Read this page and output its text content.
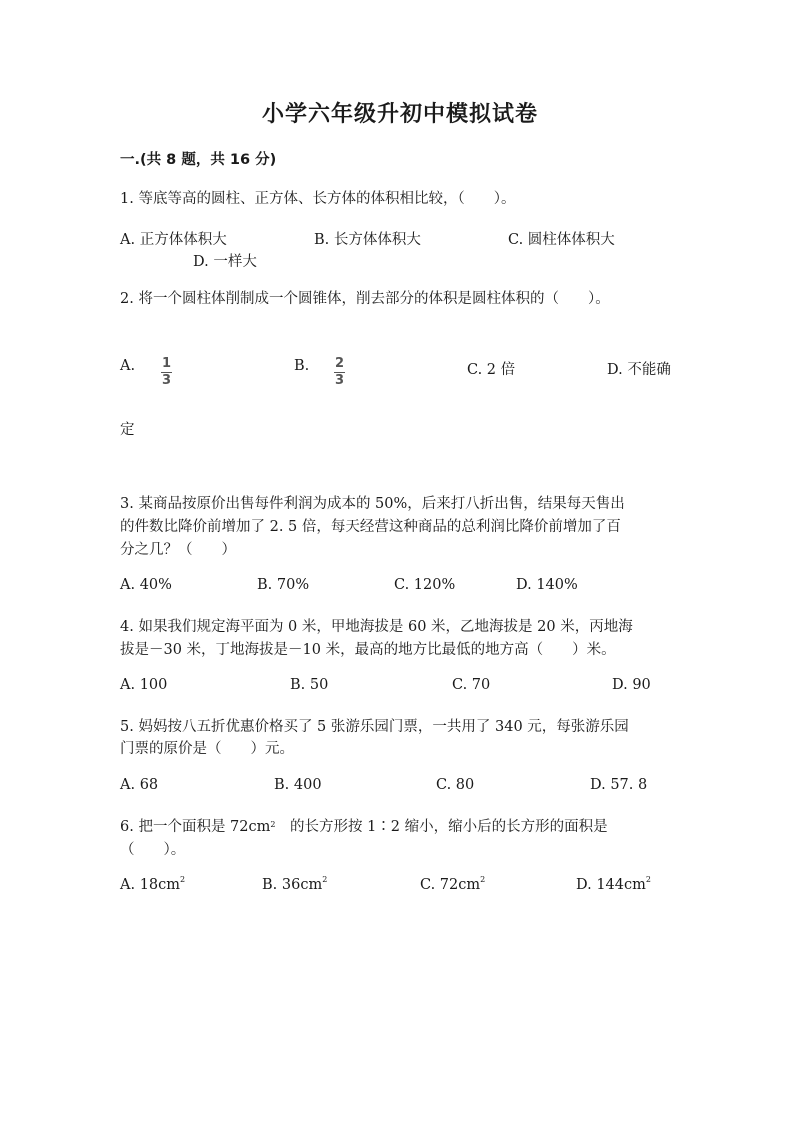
小学六年级升初中模拟试卷
一.(共 8 题，共 16 分)
1. 等底等高的圆柱、正方体、长方体的体积相比较，（　　）。
A. 正方体体积大	B. 长方体体积大	C. 圆柱体体积大
D. 一样大
2. 将一个圆柱体削制成一个圆锥体，削去部分的体积是圆柱体积的（　　）。
A. $\frac{1}{3}$	B. $\frac{2}{3}$	C. 2 倍	D. 不能确
定
3. 某商品按原价出售每件利润为成本的 50%，后来打八折出售，结果每天售出
的件数比降价前增加了 2. 5 倍，每天经营这种商品的总利润比降价前增加了百
分之几？（　　）
A. 40%	B. 70%	C. 120%	D. 140%
4. 如果我们规定海平面为 0 米，甲地海拔是 60 米，乙地海拔是 20 米，丙地海
拔是－30 米，丁地海拔是－10 米，最高的地方比最低的地方高（　　）米。
A. 100	B. 50	C. 70	D. 90
5. 妈妈按八五折优惠价格买了 5 张游乐园门票，一共用了 340 元，每张游乐园
门票的原价是（　　）元。
A. 68	B. 400	C. 80	D. 57. 8
6. 把一个面积是 $72cm^2$　的长方形按 1∶2 缩小，缩小后的长方形的面积是
（　　）。
A. $18cm^2$	B. $36cm^2$	C. $72cm^2$	D. $144cm^2$
